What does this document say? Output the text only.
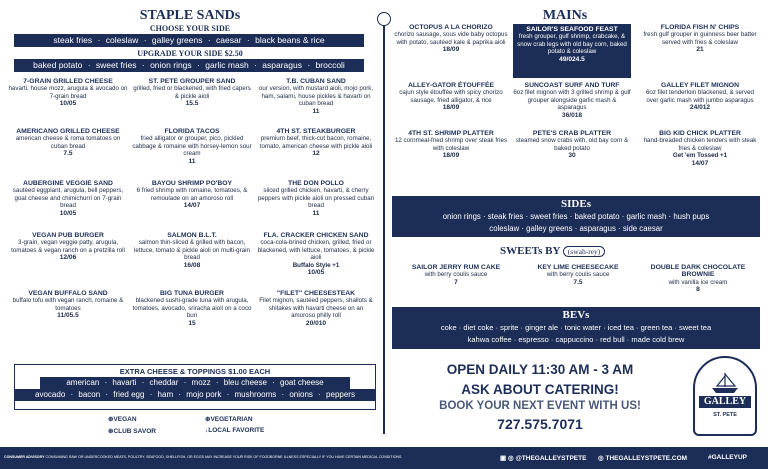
STAPLE SANDs
CHOOSE YOUR SIDE
steak fries · coleslaw · galley greens · caesar · black beans & rice
UPGRADE YOUR SIDE $2.50
baked potato · sweet fries · onion rings · garlic mash · asparagus · broccoli
7-GRAIN GRILLED CHEESE
havarti, house mozz, arugula & avocado on 7-grain bread
10/05
ST. PETE GROUPER SAND
grilled, fried or blackened, with fried capers & pickle aioli
15.5
T.B. CUBAN SAND
our version, with mustard aioli, mojo pork, ham, salami, house pickles & havarti on cuban bread
11
AMERICANO GRILLED CHEESE
american cheese & roma tomatoes on cuban bread
7.5
FLORIDA TACOS
fried alligator or grouper, pico, pickled cabbage & romaine with horsey-lemon sour cream
11
4TH ST. STEAKBURGER
premium beef, thick-cut bacon, romaine, tomato, american cheese with pickle aioli
12
AUBERGINE VEGGIE SAND
sautéed eggplant, arugula, bell peppers, goat cheese and chimichurri on 7-grain bread
10/05
BAYOU SHRIMP PO'BOY
6 fried shrimp with romaine, tomatoes, & remoulade on an amoroso roll
14/07
THE DON POLLO
sliced grilled chicken, havarti, & cherry peppers with pickle aioli on pressed cuban bread
11
VEGAN PUB BURGER
3-grain, vegan veggie patty, arugula, tomatoes & vegan ranch on a pretzilla roll
12/06
SALMON B.L.T.
salmon thin-sliced & grilled with bacon, lettuce, tomato & pickle aioli on multi-grain bread
16/08
FLA. CRACKER CHICKEN SAND
coca-cola-brined chicken, grilled, fried or blackened, with lettuce, tomatoes, & pickle aioli
Buffalo Style +1
10/05
VEGAN BUFFALO SAND
buffalo tofu with vegan ranch, romaine & tomatoes
11/05.5
BIG TUNA BURGER
blackened sushi-grade tuna with arugula, tomatoes, avocado, sriracha aioli on a coco bun
15
"FILET" CHEESESTEAK
Filet mignon, sautéed peppers, shallots & shitakes with havarti cheese on an amoroso philly roll
20/010
EXTRA CHEESE & TOPPINGS $1.00 EACH
american · havarti · cheddar · mozz · bleu cheese · goat cheese
avocado · bacon · fried egg · ham · mojo pork · mushrooms · onions · peppers
⊕VEGAN	⊕VEGETARIAN
⊛CLUB SAVOR	↓LOCAL FAVORITE
MAINs
OCTOPUS A LA CHORIZO
chorizo sausage, sous vide baby octopus with potato, sautéed kale & paprika aioli
18/09
SAILOR'S SEAFOOD FEAST
fresh grouper, gulf shrimp, crabcake, & snow crab legs with old bay corn, baked potato & coleslaw
49/024.5
FLORIDA FISH N' CHIPS
fresh gulf grouper in guinness beer batter served with fries & coleslaw
21
ALLEY-GATOR ÉTOUFFÉE
cajun style étouffée with spicy chorizo sausage, fried alligator, & rice
18/09
SUNCOAST SURF AND TURF
6oz filet mignon with 3 grilled shrimp & gulf grouper alongside garlic mash & asparagus
36/018
GALLEY FILET MIGNON
6oz filet tenderloin blackened, & served over garlic mash with jumbo asparagus
24/012
4TH ST. SHRIMP PLATTER
12 cornmeal-fried shrimp over steak fries with coleslaw
18/09
PETE'S CRAB PLATTER
steamed snow crabs with, old bay corn & baked potato
30
BIG KID CHICK PLATTER
hand-breaded chicken tenders with steak fries & coleslaw
Get 'em Tossed +1
14/07
SIDEs
onion rings · steak fries · sweet fries · baked potato · garlic mash · hush pups
coleslaw · galley greens · asparagus · side caesar
SWEETs BY (swah-rey)
SAILOR JERRY RUM CAKE
with berry coulis sauce
7
KEY LIME CHEESECAKE
with berry coulis sauce
7.5
DOUBLE DARK CHOCOLATE BROWNIE
with vanilla ice cream
8
BEVs
coke · diet coke · sprite · ginger ale · tonic water · iced tea · green tea · sweet tea
kahwa coffee · espresso · cappuccino · red bull · made cold brew
OPEN DAILY 11:30 AM - 3 AM
ASK ABOUT CATERING!
BOOK YOUR NEXT EVENT WITH US!
727.575.7071
GALLEY
ST. PETE
CONSUMER ADVISORY CONSUMING RAW OR UNDERCOOKED MEATS, POULTRY, SEAFOOD, SHELLFISH, OR EGGS MAY INCREASE YOUR RISK OF FOODBORNE ILLNESS ESPECIALLY IF YOU HAVE CERTAIN MEDICAL CONDITIONS	▣ ◎ @THEGALLEYSTPETE ◎ THEGALLEYSTPETE.COM	#GALLEYUP
